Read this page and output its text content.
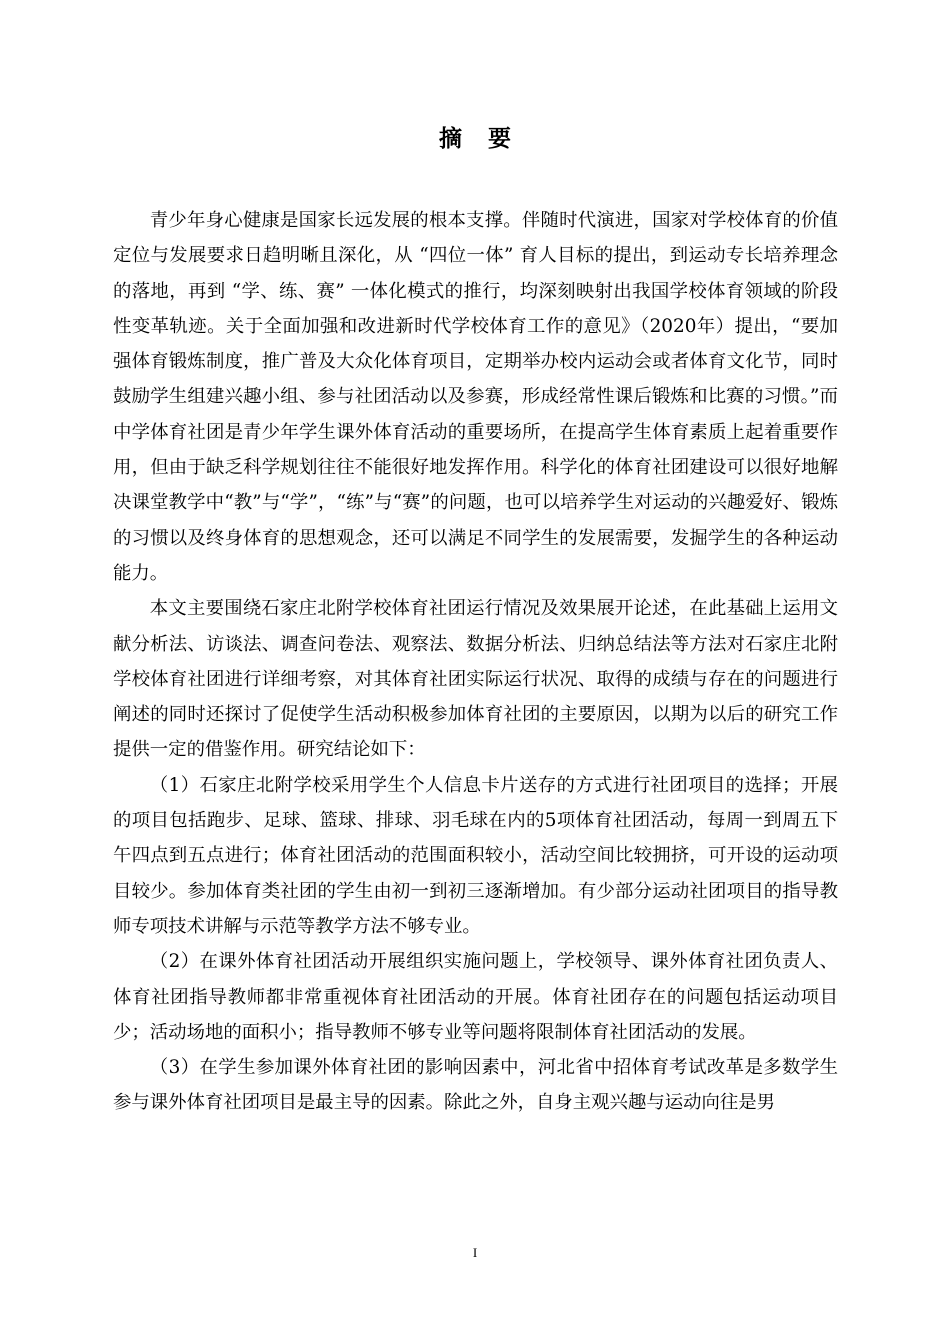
摘要

青少年身心健康是国家长远发展的根本支撑。伴随时代演进，国家对学校体育的价值定位与发展要求日趋明晰且深化，从 “四位一体” 育人目标的提出，到运动专长培养理念的落地，再到 “学、练、赛” 一体化模式的推行，均深刻映射出我国学校体育领域的阶段性变革轨迹。关于全面加强和改进新时代学校体育工作的意见》（2020年）提出，“要加强体育锻炼制度，推广普及大众化体育项目，定期举办校内运动会或者体育文化节，同时鼓励学生组建兴趣小组、参与社团活动以及参赛，形成经常性课后锻炼和比赛的习惯。”而中学体育社团是青少年学生课外体育活动的重要场所，在提高学生体育素质上起着重要作用，但由于缺乏科学规划往往不能很好地发挥作用。科学化的体育社团建设可以很好地解决课堂教学中“教”与“学”，“练”与“赛”的问题，也可以培养学生对运动的兴趣爱好、锻炼的习惯以及终身体育的思想观念，还可以满足不同学生的发展需要，发掘学生的各种运动能力。

本文主要围绕石家庄北附学校体育社团运行情况及效果展开论述，在此基础上运用文献分析法、访谈法、调查问卷法、观察法、数据分析法、归纳总结法等方法对石家庄北附学校体育社团进行详细考察，对其体育社团实际运行状况、取得的成绩与存在的问题进行阐述的同时还探讨了促使学生活动积极参加体育社团的主要原因，以期为以后的研究工作提供一定的借鉴作用。研究结论如下：

（1）石家庄北附学校采用学生个人信息卡片送存的方式进行社团项目的选择；开展的项目包括跑步、足球、篮球、排球、羽毛球在内的5项体育社团活动，每周一到周五下午四点到五点进行；体育社团活动的范围面积较小，活动空间比较拥挤，可开设的运动项目较少。参加体育类社团的学生由初一到初三逐渐增加。有少部分运动社团项目的指导教师专项技术讲解与示范等教学方法不够专业。

（2）在课外体育社团活动开展组织实施问题上，学校领导、课外体育社团负责人、体育社团指导教师都非常重视体育社团活动的开展。体育社团存在的问题包括运动项目少；活动场地的面积小；指导教师不够专业等问题将限制体育社团活动的发展。

（3）在学生参加课外体育社团的影响因素中，河北省中招体育考试改革是多数学生参与课外体育社团项目是最主导的因素。除此之外，自身主观兴趣与运动向往是男

I
